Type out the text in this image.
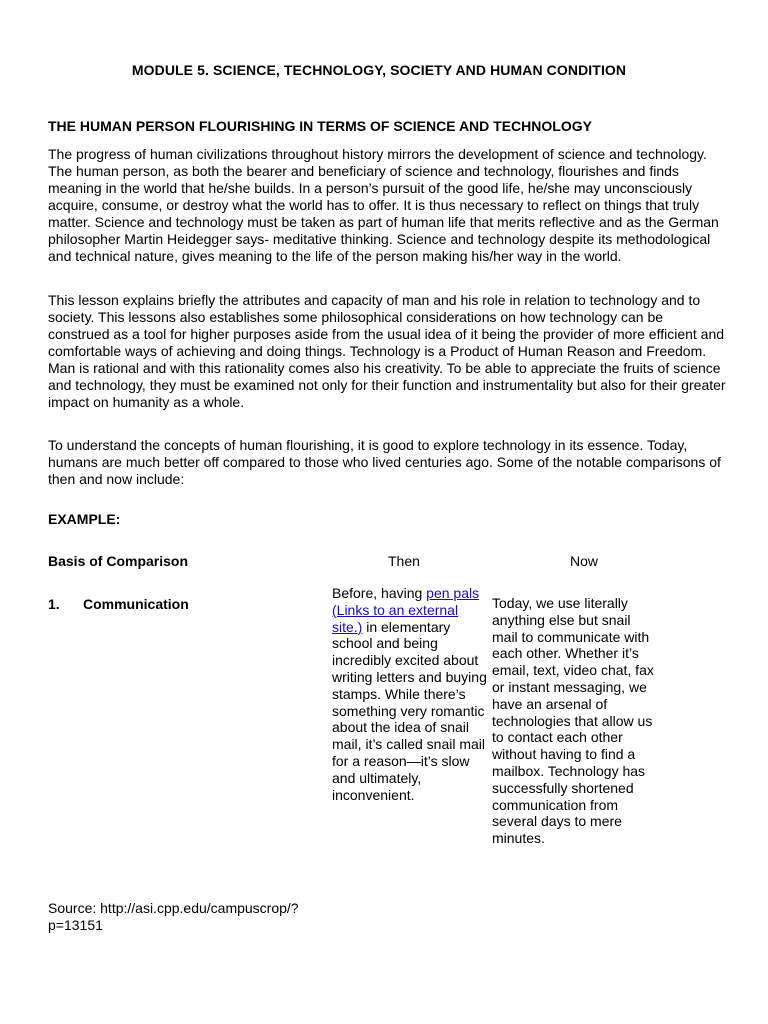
MODULE 5. SCIENCE, TECHNOLOGY, SOCIETY AND HUMAN CONDITION
THE HUMAN PERSON FLOURISHING IN TERMS OF SCIENCE AND TECHNOLOGY

The progress of human civilizations throughout history mirrors the development of science and technology. The human person, as both the bearer and beneficiary of science and technology, flourishes and finds meaning in the world that he/she builds. In a person’s pursuit of the good life, he/she may unconsciously acquire, consume, or destroy what the world has to offer. It is thus necessary to reflect on things that truly matter. Science and technology must be taken as part of human life that merits reflective and as the German philosopher Martin Heidegger says- meditative thinking. Science and technology despite its methodological and technical nature, gives meaning to the life of the person making his/her way in the world.

This lesson explains briefly the attributes and capacity of man and his role in relation to technology and to society. This lessons also establishes some philosophical considerations on how technology can be construed as a tool for higher purposes aside from the usual idea of it being the provider of more efficient and comfortable ways of achieving and doing things. Technology is a Product of Human Reason and Freedom. Man is rational and with this rationality comes also his creativity. To be able to appreciate the fruits of science and technology, they must be examined not only for their function and instrumentality but also for their greater impact on humanity as a whole.

To understand the concepts of human flourishing, it is good to explore technology in its essence. Today, humans are much better off compared to those who lived centuries ago. Some of the notable comparisons of then and now include:

EXAMPLE:
Basis of Comparison	Then	Now
1. Communication

Before, having pen pals (Links to an external site.) in elementary school and being incredibly excited about writing letters and buying stamps. While there’s something very romantic about the idea of snail mail, it’s called snail mail for a reason—it’s slow and ultimately, inconvenient.

Today, we use literally anything else but snail mail to communicate with each other. Whether it’s email, text, video chat, fax or instant messaging, we have an arsenal of technologies that allow us to contact each other without having to find a mailbox. Technology has successfully shortened communication from several days to mere minutes.

Source: http://asi.cpp.edu/campuscrop/?p=13151
